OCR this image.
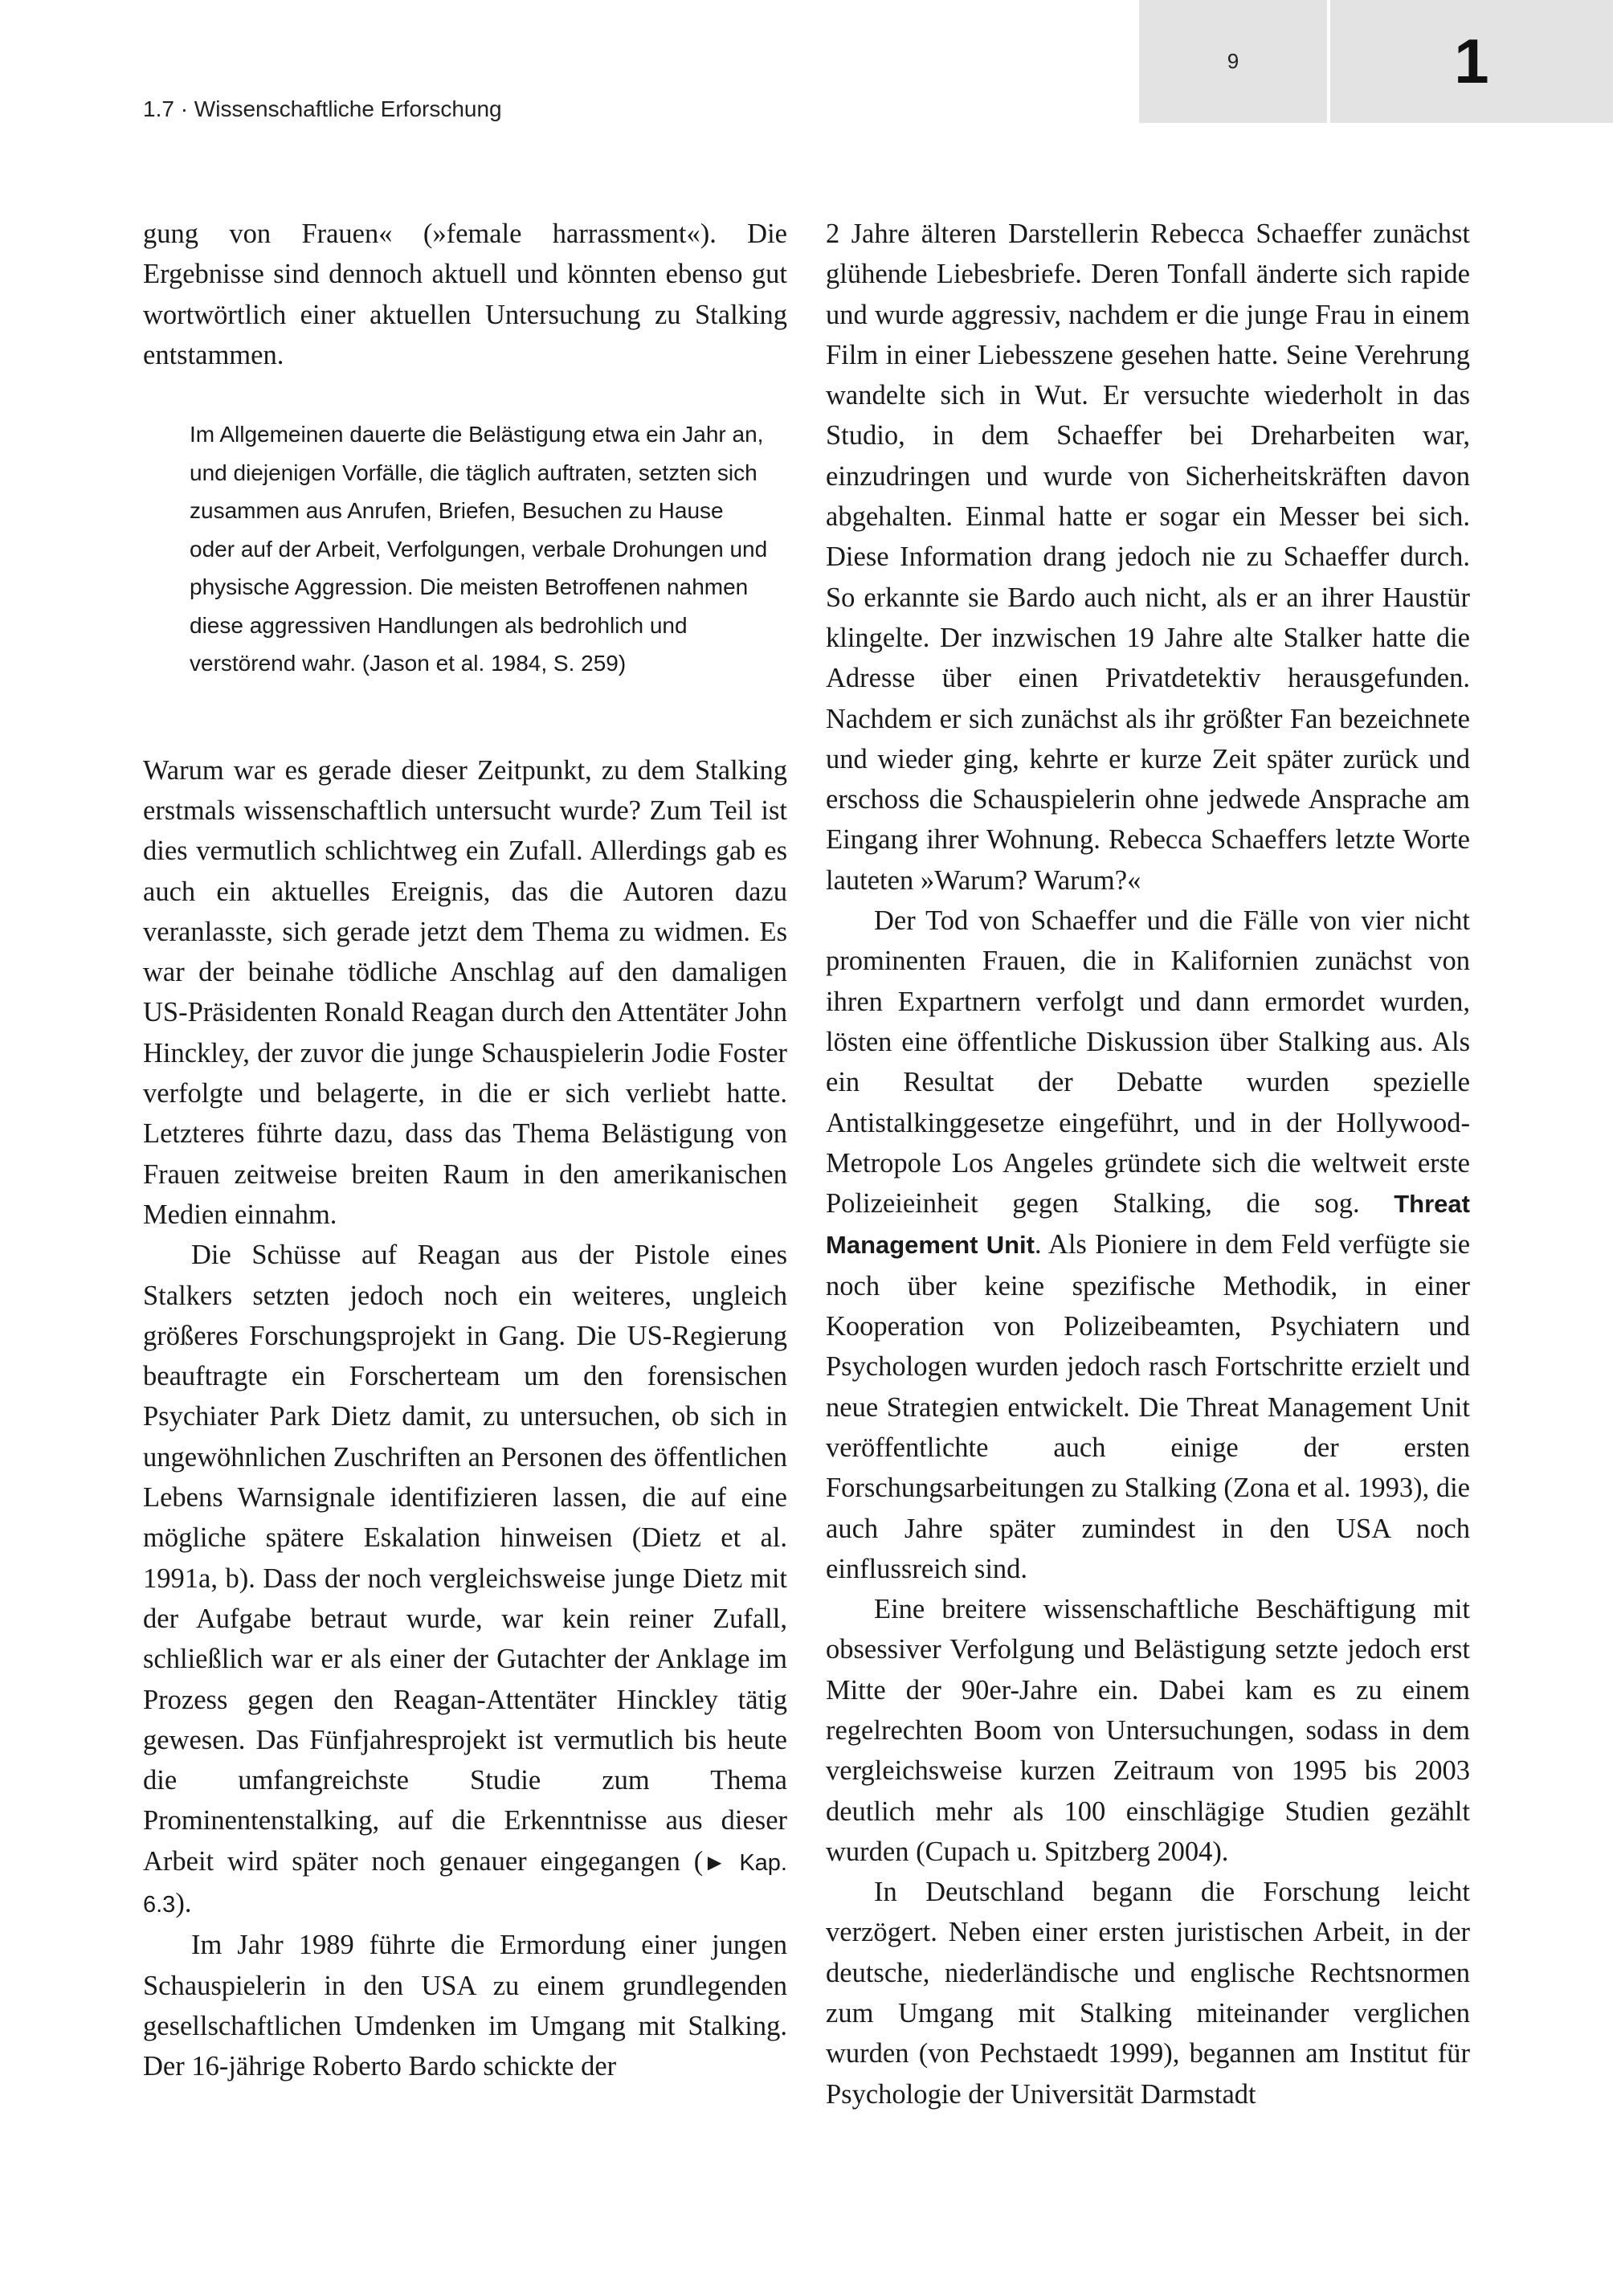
1.7 · Wissenschaftliche Erforschung
9	1

gung von Frauen« (»female harrassment«). Die Ergebnisse sind dennoch aktuell und könnten ebenso gut wortwörtlich einer aktuellen Untersuchung zu Stalking entstammen.

Im Allgemeinen dauerte die Belästigung etwa ein Jahr an, und diejenigen Vorfälle, die täglich auftraten, setzten sich zusammen aus Anrufen, Briefen, Besuchen zu Hause oder auf der Arbeit, Verfolgungen, verbale Drohungen und physische Aggression. Die meisten Betroffenen nahmen diese aggressiven Handlungen als bedrohlich und verstörend wahr. (Jason et al. 1984, S. 259)

Warum war es gerade dieser Zeitpunkt, zu dem Stalking erstmals wissenschaftlich untersucht wurde? Zum Teil ist dies vermutlich schlichtweg ein Zufall. Allerdings gab es auch ein aktuelles Ereignis, das die Autoren dazu veranlasste, sich gerade jetzt dem Thema zu widmen. Es war der beinahe tödliche Anschlag auf den damaligen US-Präsidenten Ronald Reagan durch den Attentäter John Hinckley, der zuvor die junge Schauspielerin Jodie Foster verfolgte und belagerte, in die er sich verliebt hatte. Letzteres führte dazu, dass das Thema Belästigung von Frauen zeitweise breiten Raum in den amerikanischen Medien einnahm.

Die Schüsse auf Reagan aus der Pistole eines Stalkers setzten jedoch noch ein weiteres, ungleich größeres Forschungsprojekt in Gang. Die US-Regierung beauftragte ein Forscherteam um den forensischen Psychiater Park Dietz damit, zu untersuchen, ob sich in ungewöhnlichen Zuschriften an Personen des öffentlichen Lebens Warnsignale identifizieren lassen, die auf eine mögliche spätere Eskalation hinweisen (Dietz et al. 1991a, b). Dass der noch vergleichsweise junge Dietz mit der Aufgabe betraut wurde, war kein reiner Zufall, schließlich war er als einer der Gutachter der Anklage im Prozess gegen den Reagan-Attentäter Hinckley tätig gewesen. Das Fünfjahresprojekt ist vermutlich bis heute die umfangreichste Studie zum Thema Prominentenstalking, auf die Erkenntnisse aus dieser Arbeit wird später noch genauer eingegangen (► Kap. 6.3).

Im Jahr 1989 führte die Ermordung einer jungen Schauspielerin in den USA zu einem grundlegenden gesellschaftlichen Umdenken im Umgang mit Stalking. Der 16-jährige Roberto Bardo schickte der

2 Jahre älteren Darstellerin Rebecca Schaeffer zunächst glühende Liebesbriefe. Deren Tonfall änderte sich rapide und wurde aggressiv, nachdem er die junge Frau in einem Film in einer Liebesszene gesehen hatte. Seine Verehrung wandelte sich in Wut. Er versuchte wiederholt in das Studio, in dem Schaeffer bei Dreharbeiten war, einzudringen und wurde von Sicherheitskräften davon abgehalten. Einmal hatte er sogar ein Messer bei sich. Diese Information drang jedoch nie zu Schaeffer durch. So erkannte sie Bardo auch nicht, als er an ihrer Haustür klingelte. Der inzwischen 19 Jahre alte Stalker hatte die Adresse über einen Privatdetektiv herausgefunden. Nachdem er sich zunächst als ihr größter Fan bezeichnete und wieder ging, kehrte er kurze Zeit später zurück und erschoss die Schauspielerin ohne jedwede Ansprache am Eingang ihrer Wohnung. Rebecca Schaeffers letzte Worte lauteten »Warum? Warum?«

Der Tod von Schaeffer und die Fälle von vier nicht prominenten Frauen, die in Kalifornien zunächst von ihren Expartnern verfolgt und dann ermordet wurden, lösten eine öffentliche Diskussion über Stalking aus. Als ein Resultat der Debatte wurden spezielle Antistalkinggesetze eingeführt, und in der Hollywood-Metropole Los Angeles gründete sich die weltweit erste Polizeieinheit gegen Stalking, die sog. Threat Management Unit. Als Pioniere in dem Feld verfügte sie noch über keine spezifische Methodik, in einer Kooperation von Polizeibeamten, Psychiatern und Psychologen wurden jedoch rasch Fortschritte erzielt und neue Strategien entwickelt. Die Threat Management Unit veröffentlichte auch einige der ersten Forschungsarbeitungen zu Stalking (Zona et al. 1993), die auch Jahre später zumindest in den USA noch einflussreich sind.

Eine breitere wissenschaftliche Beschäftigung mit obsessiver Verfolgung und Belästigung setzte jedoch erst Mitte der 90er-Jahre ein. Dabei kam es zu einem regelrechten Boom von Untersuchungen, sodass in dem vergleichsweise kurzen Zeitraum von 1995 bis 2003 deutlich mehr als 100 einschlägige Studien gezählt wurden (Cupach u. Spitzberg 2004).

In Deutschland begann die Forschung leicht verzögert. Neben einer ersten juristischen Arbeit, in der deutsche, niederländische und englische Rechtsnormen zum Umgang mit Stalking miteinander verglichen wurden (von Pechstaedt 1999), begannen am Institut für Psychologie der Universität Darmstadt
